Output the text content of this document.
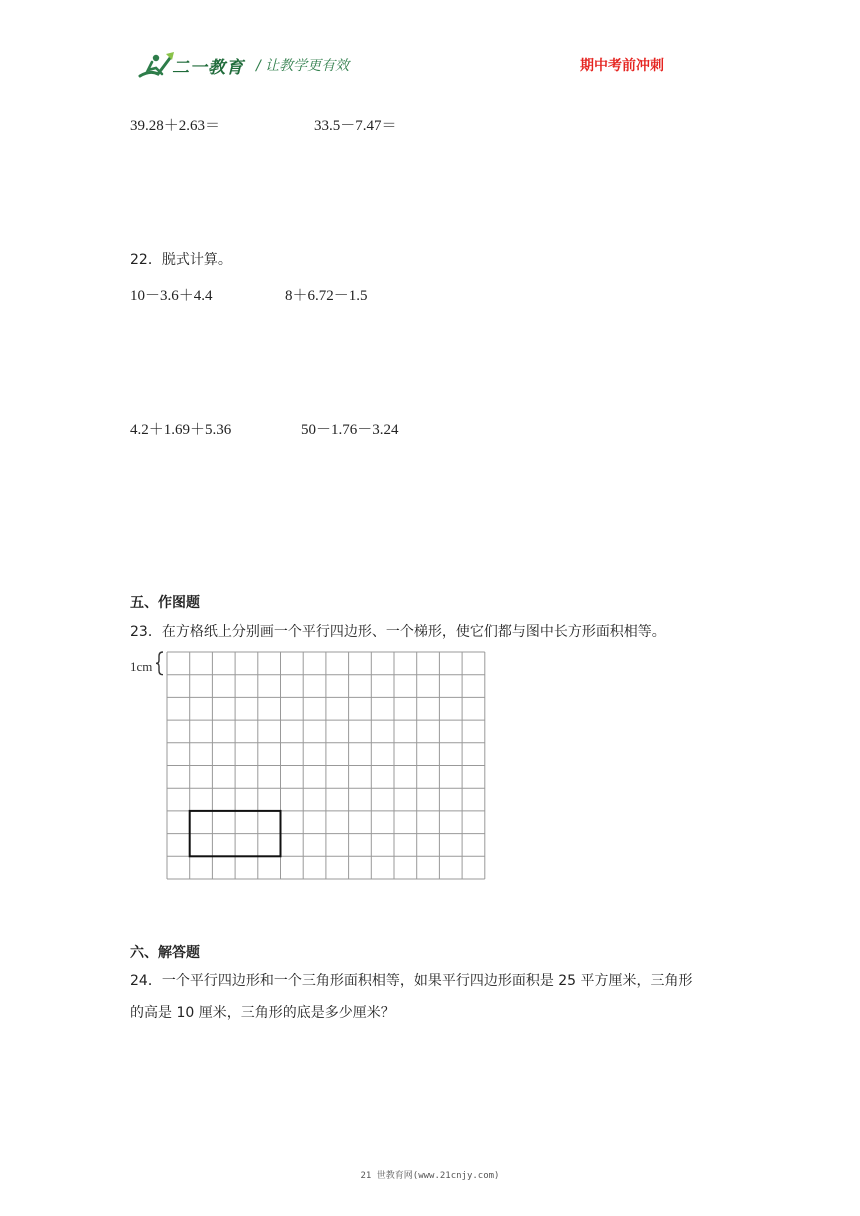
二一教育 / 让教学更有效	期中考前冲刺
39.28＋2.63＝	33.5－7.47＝
22．脱式计算。
10－3.6＋4.4	8＋6.72－1.5
4.2＋1.69＋5.36	50－1.76－3.24
五、作图题
23．在方格纸上分别画一个平行四边形、一个梯形，使它们都与图中长方形面积相等。
1cm
六、解答题
24．一个平行四边形和一个三角形面积相等，如果平行四边形面积是 25 平方厘米，三角形
的高是 10 厘米，三角形的底是多少厘米？
21 世教育网(www.21cnjy.com)
